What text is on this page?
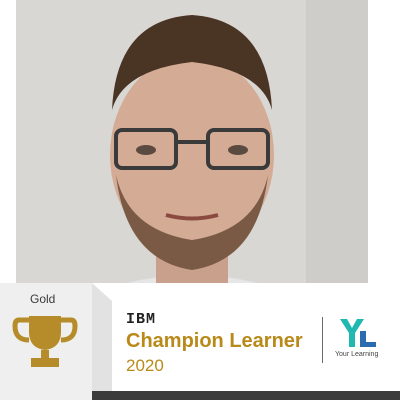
Gold
IBM
Champion Learner
2020
Your Learning
